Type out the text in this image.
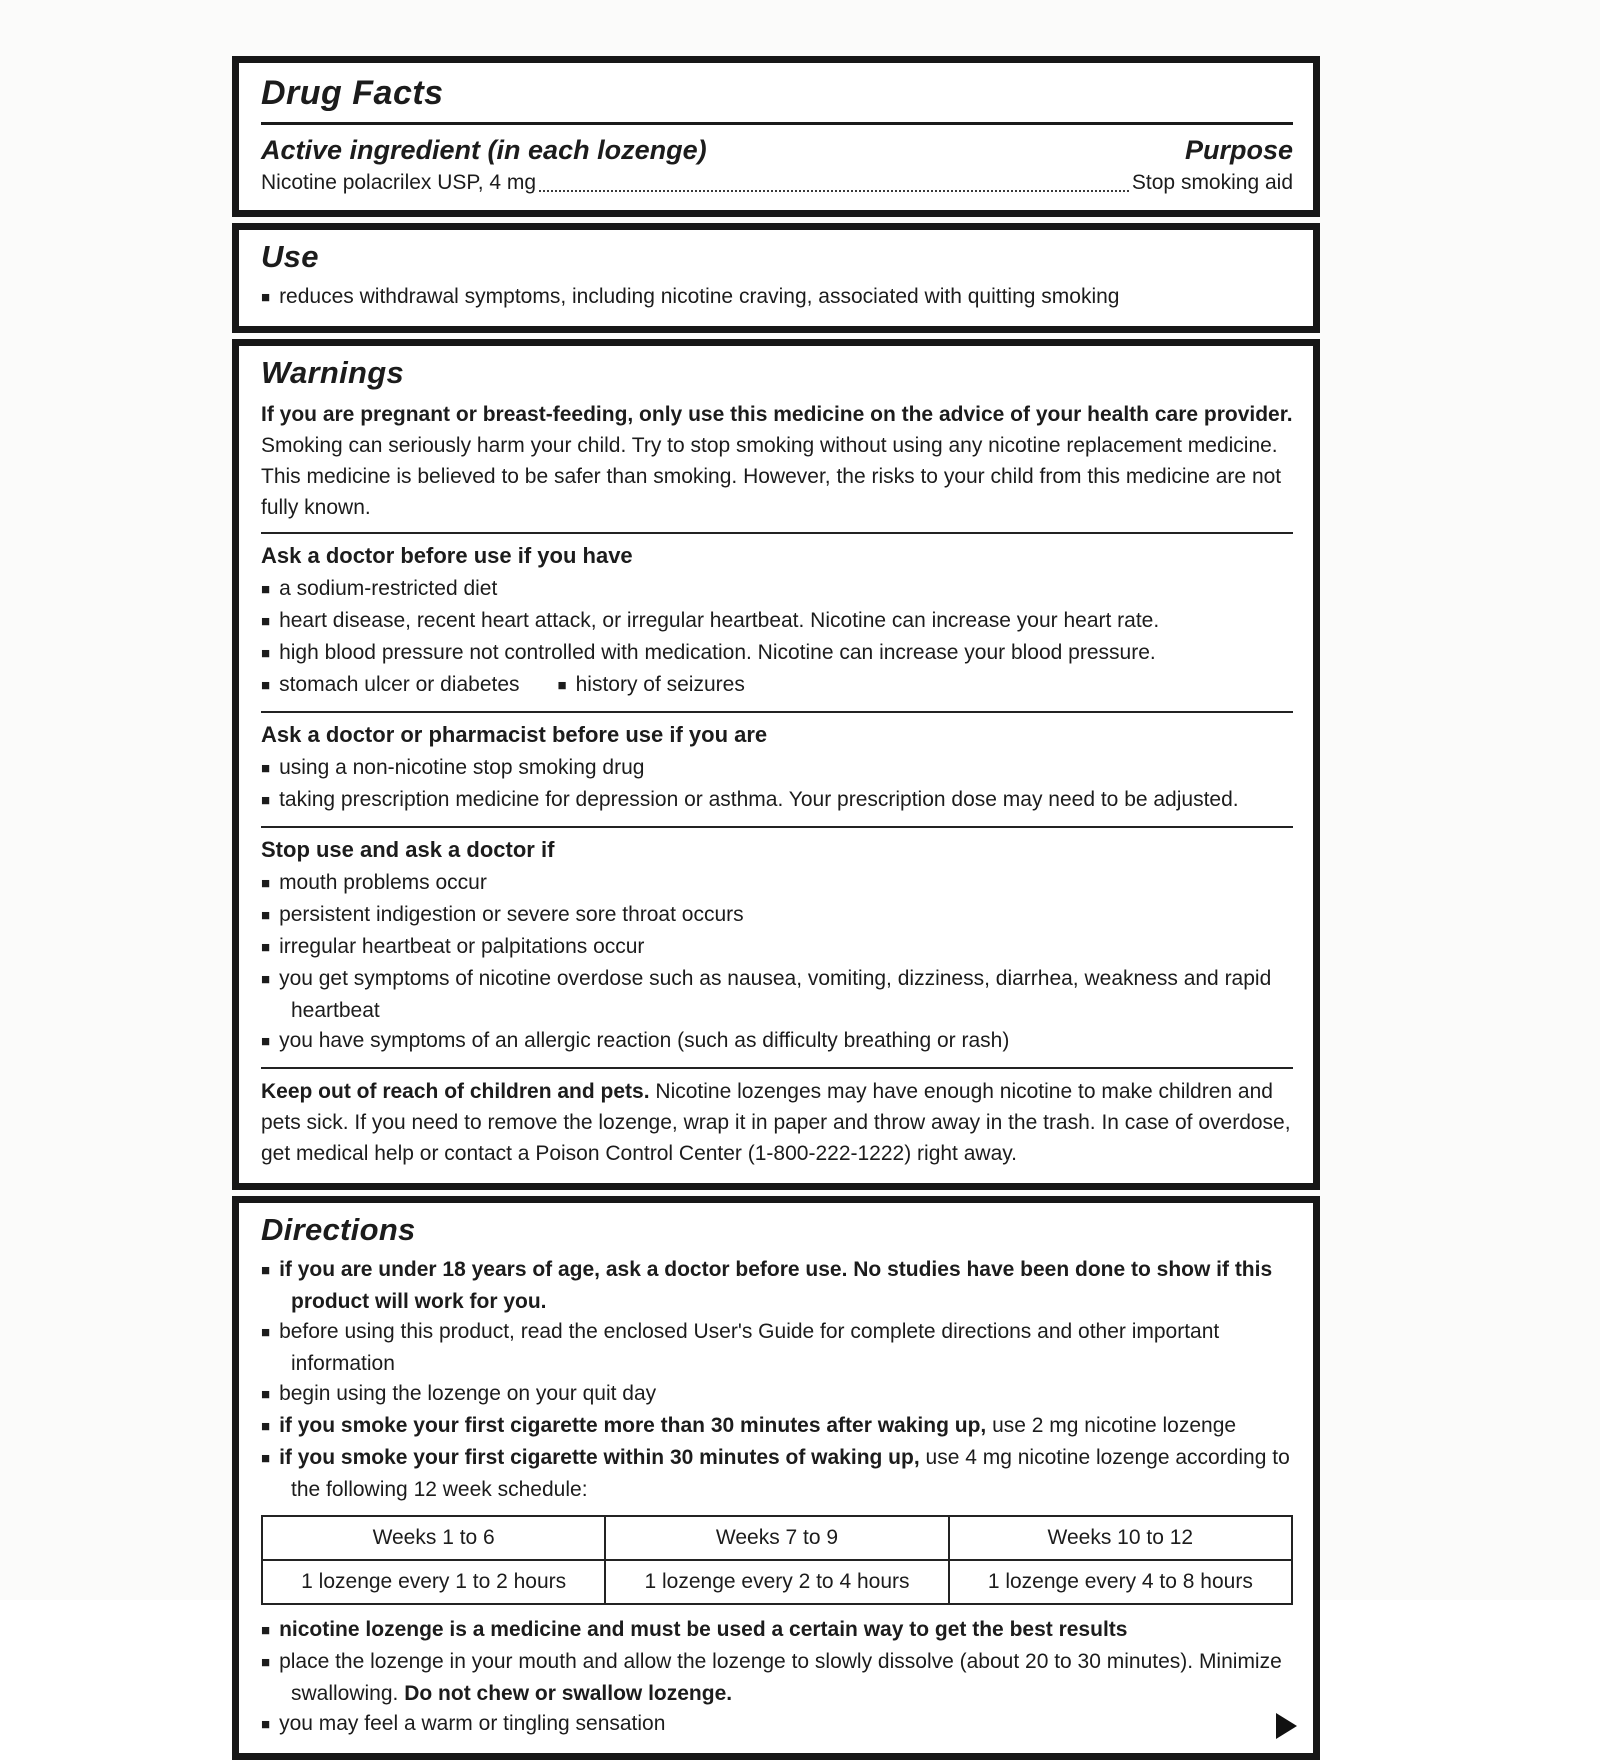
Drug Facts
Active ingredient (in each lozenge)	Purpose
Nicotine polacrilex USP, 4 mg	Stop smoking aid
Use
■ reduces withdrawal symptoms, including nicotine craving, associated with quitting smoking
Warnings

If you are pregnant or breast-feeding, only use this medicine on the advice of your health care provider. Smoking can seriously harm your child. Try to stop smoking without using any nicotine replacement medicine. This medicine is believed to be safer than smoking. However, the risks to your child from this medicine are not fully known.

Ask a doctor before use if you have
■ a sodium-restricted diet
■ heart disease, recent heart attack, or irregular heartbeat. Nicotine can increase your heart rate.
■ high blood pressure not controlled with medication. Nicotine can increase your blood pressure.
■ stomach ulcer or diabetes	■ history of seizures
Ask a doctor or pharmacist before use if you are
■ using a non-nicotine stop smoking drug
■ taking prescription medicine for depression or asthma. Your prescription dose may need to be adjusted.
Stop use and ask a doctor if
■ mouth problems occur
■ persistent indigestion or severe sore throat occurs
■ irregular heartbeat or palpitations occur
■ you get symptoms of nicotine overdose such as nausea, vomiting, dizziness, diarrhea, weakness and rapid heartbeat
■ you have symptoms of an allergic reaction (such as difficulty breathing or rash)

Keep out of reach of children and pets. Nicotine lozenges may have enough nicotine to make children and pets sick. If you need to remove the lozenge, wrap it in paper and throw away in the trash. In case of overdose, get medical help or contact a Poison Control Center (1-800-222-1222) right away.

Directions
■ if you are under 18 years of age, ask a doctor before use. No studies have been done to show if this product will work for you.
■ before using this product, read the enclosed User's Guide for complete directions and other important information
■ begin using the lozenge on your quit day
■ if you smoke your first cigarette more than 30 minutes after waking up, use 2 mg nicotine lozenge
■ if you smoke your first cigarette within 30 minutes of waking up, use 4 mg nicotine lozenge according to the following 12 week schedule:
Weeks 1 to 6	Weeks 7 to 9	Weeks 10 to 12
1 lozenge every 1 to 2 hours	1 lozenge every 2 to 4 hours	1 lozenge every 4 to 8 hours
■ nicotine lozenge is a medicine and must be used a certain way to get the best results
■ place the lozenge in your mouth and allow the lozenge to slowly dissolve (about 20 to 30 minutes). Minimize swallowing. Do not chew or swallow lozenge.
■ you may feel a warm or tingling sensation
